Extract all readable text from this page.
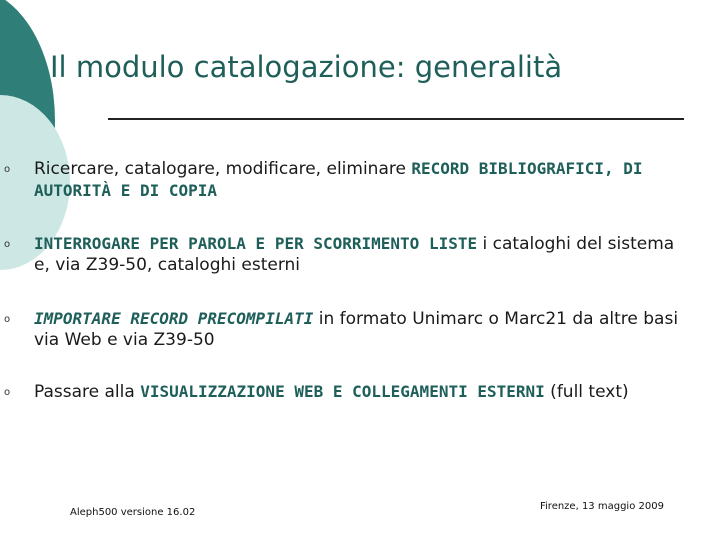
Il modulo catalogazione: generalità
o Ricercare, catalogare, modificare, eliminare RECORD BIBLIOGRAFICI, DI AUTORITÀ E DI COPIA
o INTERROGARE PER PAROLA E PER SCORRIMENTO LISTE i cataloghi del sistema e, via Z39-50, cataloghi esterni
o IMPORTARE RECORD PRECOMPILATI in formato Unimarc o Marc21 da altre basi via Web e via Z39-50
o Passare alla VISUALIZZAZIONE WEB E COLLEGAMENTI ESTERNI (full text)
Aleph500 versione 16.02
Firenze, 13 maggio 2009
